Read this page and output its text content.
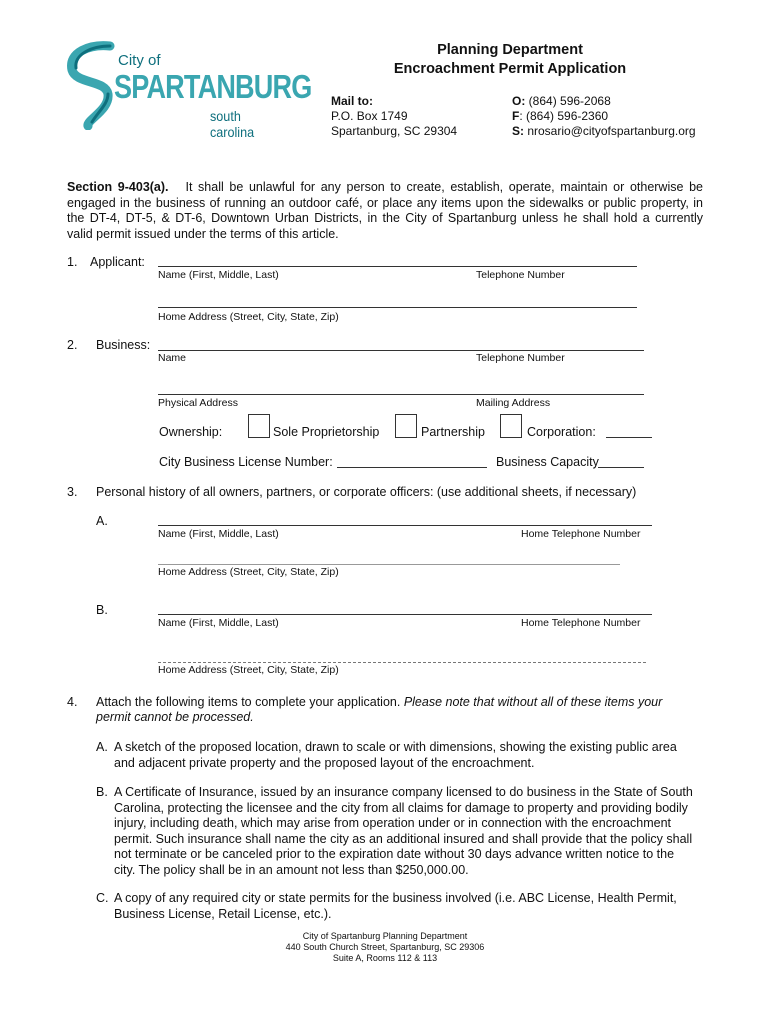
City of
SPARTANBURG
south carolina
Planning Department
Encroachment Permit Application
Mail to:
P.O. Box 1749
Spartanburg, SC 29304
O: (864) 596-2068
F: (864) 596-2360
S: nrosario@cityofspartanburg.org
Section 9-403(a). It shall be unlawful for any person to create, establish, operate, maintain or otherwise be
engaged in the business of running an outdoor café, or place any items upon the sidewalks or public property, in
the DT-4, DT-5, & DT-6, Downtown Urban Districts, in the City of Spartanburg unless he shall hold a currently
valid permit issued under the terms of this article.
1. Applicant:
Name (First, Middle, Last)	Telephone Number
Home Address (Street, City, State, Zip)
2. Business:
Name	Telephone Number
Physical Address	Mailing Address
Ownership:	Sole Proprietorship	Partnership	Corporation:
City Business License Number:	Business Capacity
3. Personal history of all owners, partners, or corporate officers: (use additional sheets, if necessary)
A.
Name (First, Middle, Last)	Home Telephone Number
Home Address (Street, City, State, Zip)
B.
Name (First, Middle, Last)	Home Telephone Number
Home Address (Street, City, State, Zip)
4. Attach the following items to complete your application. Please note that without all of these items your
permit cannot be processed.
A. A sketch of the proposed location, drawn to scale or with dimensions, showing the existing public area
and adjacent private property and the proposed layout of the encroachment.
B. A Certificate of Insurance, issued by an insurance company licensed to do business in the State of South
Carolina, protecting the licensee and the city from all claims for damage to property and providing bodily
injury, including death, which may arise from operation under or in connection with the encroachment
permit. Such insurance shall name the city as an additional insured and shall provide that the policy shall
not terminate or be canceled prior to the expiration date without 30 days advance written notice to the
city. The policy shall be in an amount not less than $250,000.00.
C. A copy of any required city or state permits for the business involved (i.e. ABC License, Health Permit,
Business License, Retail License, etc.).
City of Spartanburg Planning Department
440 South Church Street, Spartanburg, SC 29306
Suite A, Rooms 112 & 113
